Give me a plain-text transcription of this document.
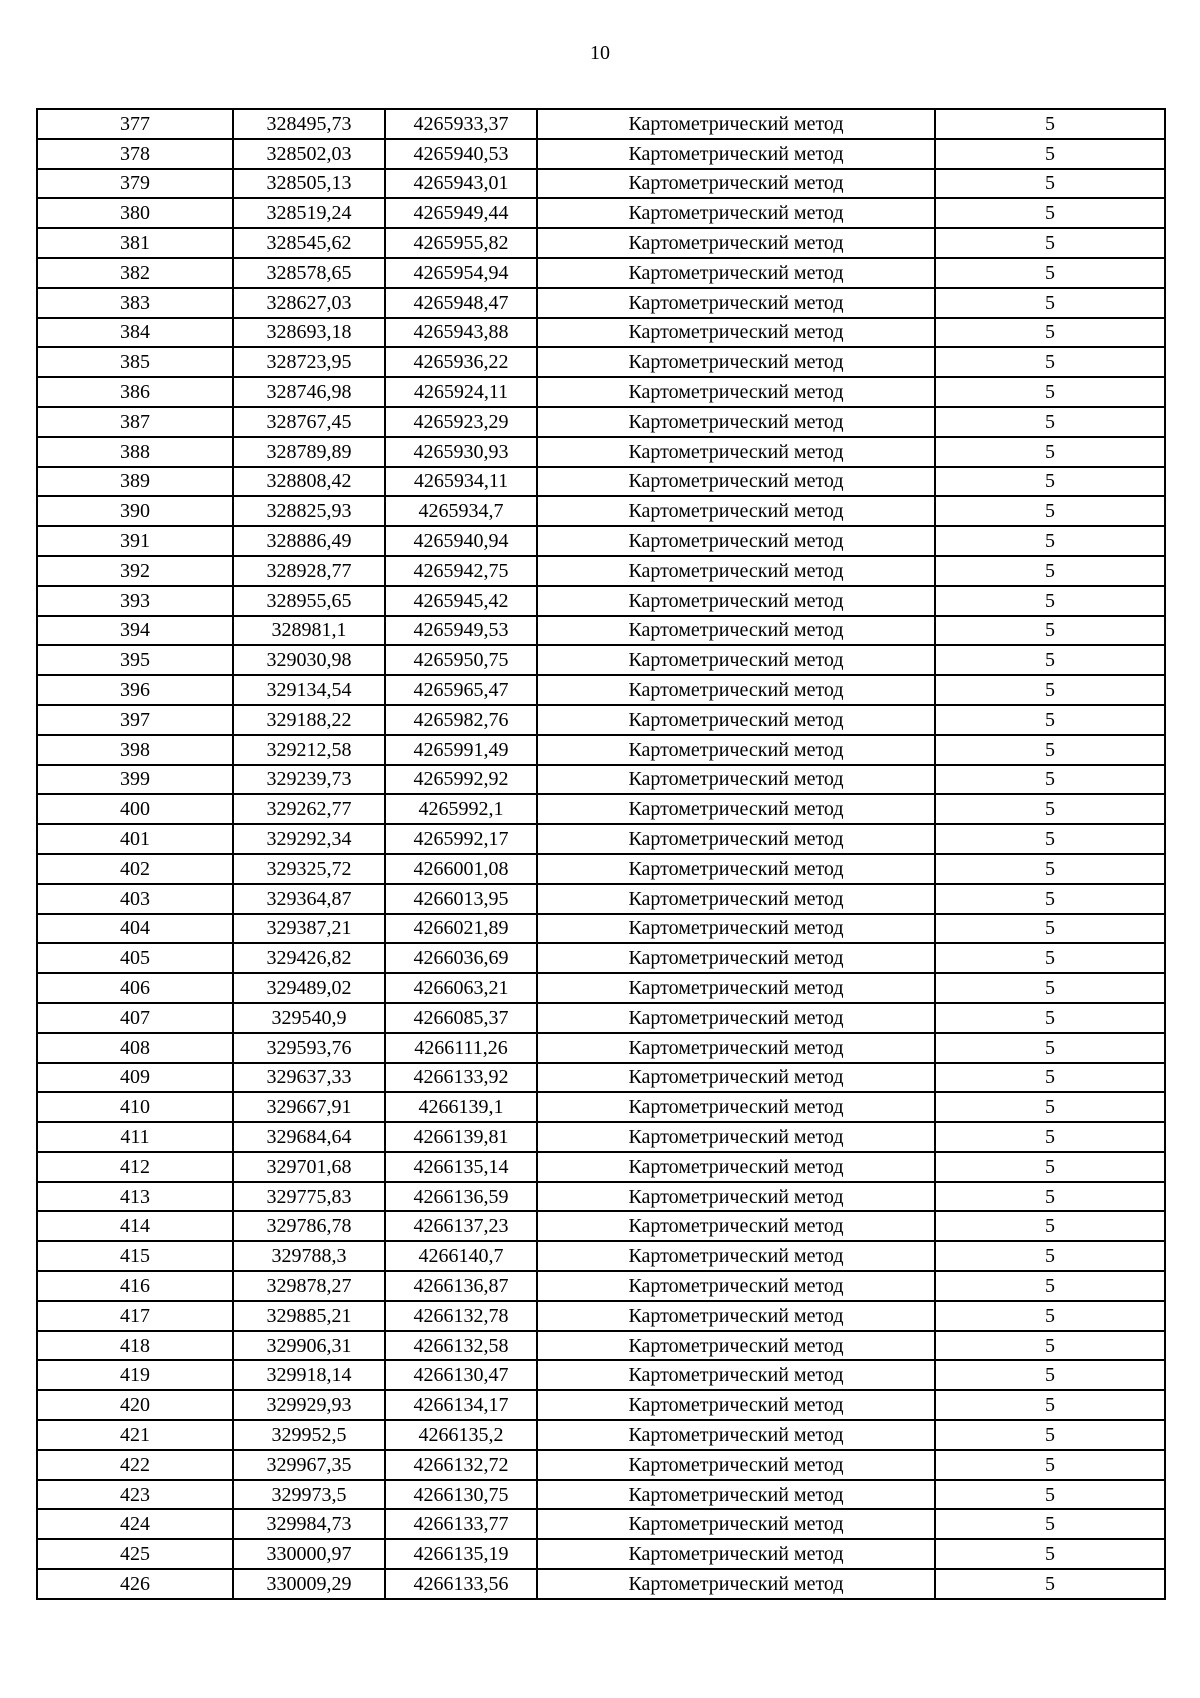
10
377	328495,73	4265933,37	Картометрический метод	5
378	328502,03	4265940,53	Картометрический метод	5
379	328505,13	4265943,01	Картометрический метод	5
380	328519,24	4265949,44	Картометрический метод	5
381	328545,62	4265955,82	Картометрический метод	5
382	328578,65	4265954,94	Картометрический метод	5
383	328627,03	4265948,47	Картометрический метод	5
384	328693,18	4265943,88	Картометрический метод	5
385	328723,95	4265936,22	Картометрический метод	5
386	328746,98	4265924,11	Картометрический метод	5
387	328767,45	4265923,29	Картометрический метод	5
388	328789,89	4265930,93	Картометрический метод	5
389	328808,42	4265934,11	Картометрический метод	5
390	328825,93	4265934,7	Картометрический метод	5
391	328886,49	4265940,94	Картометрический метод	5
392	328928,77	4265942,75	Картометрический метод	5
393	328955,65	4265945,42	Картометрический метод	5
394	328981,1	4265949,53	Картометрический метод	5
395	329030,98	4265950,75	Картометрический метод	5
396	329134,54	4265965,47	Картометрический метод	5
397	329188,22	4265982,76	Картометрический метод	5
398	329212,58	4265991,49	Картометрический метод	5
399	329239,73	4265992,92	Картометрический метод	5
400	329262,77	4265992,1	Картометрический метод	5
401	329292,34	4265992,17	Картометрический метод	5
402	329325,72	4266001,08	Картометрический метод	5
403	329364,87	4266013,95	Картометрический метод	5
404	329387,21	4266021,89	Картометрический метод	5
405	329426,82	4266036,69	Картометрический метод	5
406	329489,02	4266063,21	Картометрический метод	5
407	329540,9	4266085,37	Картометрический метод	5
408	329593,76	4266111,26	Картометрический метод	5
409	329637,33	4266133,92	Картометрический метод	5
410	329667,91	4266139,1	Картометрический метод	5
411	329684,64	4266139,81	Картометрический метод	5
412	329701,68	4266135,14	Картометрический метод	5
413	329775,83	4266136,59	Картометрический метод	5
414	329786,78	4266137,23	Картометрический метод	5
415	329788,3	4266140,7	Картометрический метод	5
416	329878,27	4266136,87	Картометрический метод	5
417	329885,21	4266132,78	Картометрический метод	5
418	329906,31	4266132,58	Картометрический метод	5
419	329918,14	4266130,47	Картометрический метод	5
420	329929,93	4266134,17	Картометрический метод	5
421	329952,5	4266135,2	Картометрический метод	5
422	329967,35	4266132,72	Картометрический метод	5
423	329973,5	4266130,75	Картометрический метод	5
424	329984,73	4266133,77	Картометрический метод	5
425	330000,97	4266135,19	Картометрический метод	5
426	330009,29	4266133,56	Картометрический метод	5
